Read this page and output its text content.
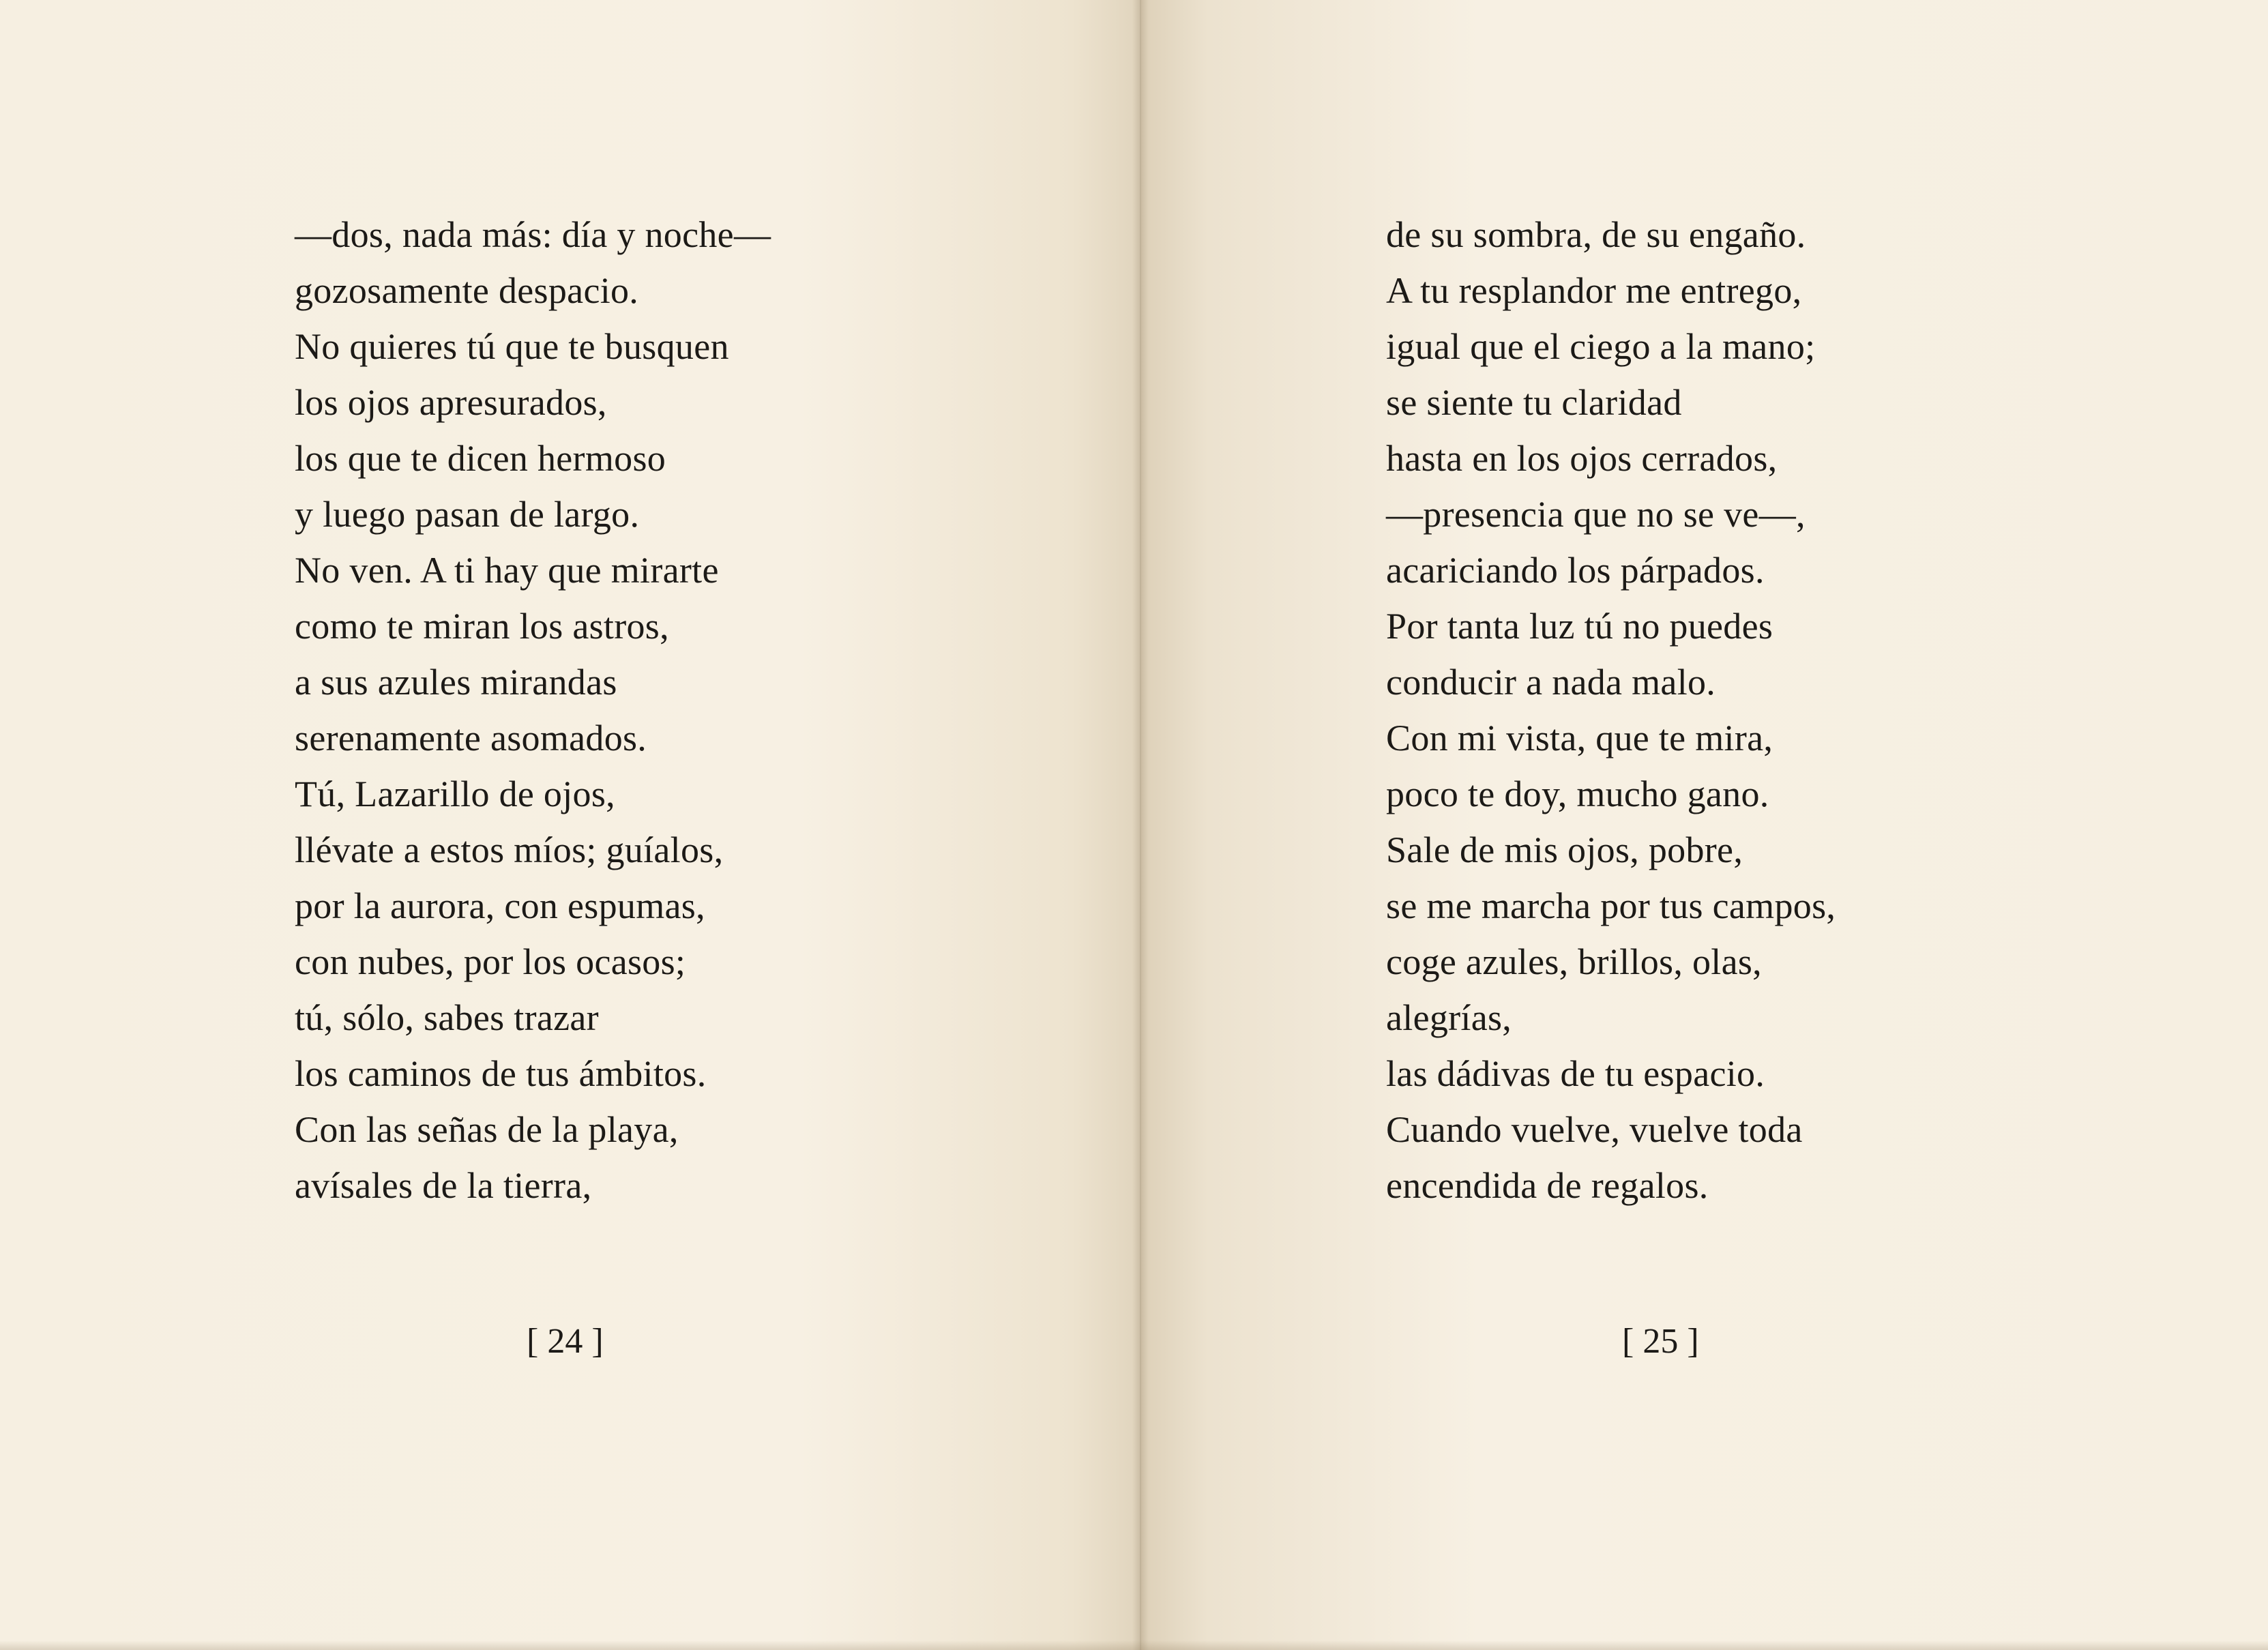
—dos, nada más: día y noche—
gozosamente despacio.
No quieres tú que te busquen
los ojos apresurados,
los que te dicen hermoso
y luego pasan de largo.
No ven. A ti hay que mirarte
como te miran los astros,
a sus azules mirandas
serenamente asomados.
Tú, Lazarillo de ojos,
llévate a estos míos; guíalos,
por la aurora, con espumas,
con nubes, por los ocasos;
tú, sólo, sabes trazar
los caminos de tus ámbitos.
Con las señas de la playa,
avísales de la tierra,
[ 24 ]
de su sombra, de su engaño.
A tu resplandor me entrego,
igual que el ciego a la mano;
se siente tu claridad
hasta en los ojos cerrados,
—presencia que no se ve—,
acariciando los párpados.
Por tanta luz tú no puedes
conducir a nada malo.
Con mi vista, que te mira,
poco te doy, mucho gano.
Sale de mis ojos, pobre,
se me marcha por tus campos,
coge azules, brillos, olas,
alegrías,
las dádivas de tu espacio.
Cuando vuelve, vuelve toda
encendida de regalos.
[ 25 ]
